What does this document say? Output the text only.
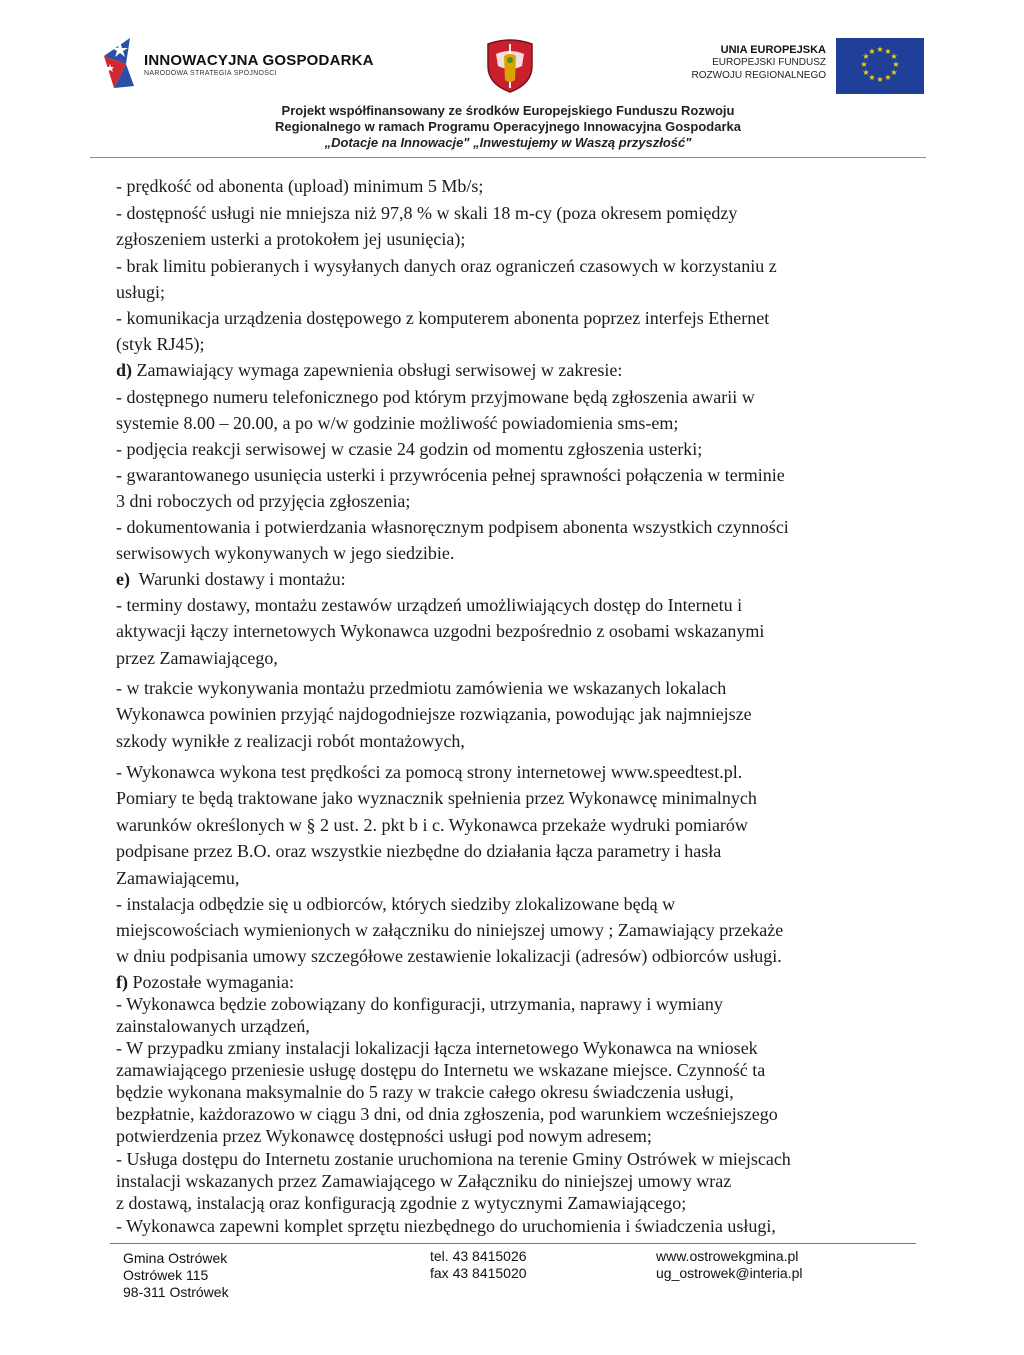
INNOWACYJNA GOSPODARKA
NARODOWA STRATEGIA SPÓJNOŚCI
UNIA EUROPEJSKA
EUROPEJSKI FUNDUSZ
ROZWOJU REGIONALNEGO
★ ★
★
★
★
★
★
★
★
★
★
★
Projekt współfinansowany ze środków Europejskiego Funduszu Rozwoju
Regionalnego w ramach Programu Operacyjnego Innowacyjna Gospodarka
„Dotacje na Innowacje" „Inwestujemy w Waszą przyszłość"
- prędkość od abonenta (upload) minimum 5 Mb/s;
- dostępność usługi nie mniejsza niż 97,8 % w skali 18 m-cy (poza okresem pomiędzy
zgłoszeniem usterki a protokołem jej usunięcia);
- brak limitu pobieranych i wysyłanych danych oraz ograniczeń czasowych w korzystaniu z
usługi;
- komunikacja urządzenia dostępowego z komputerem abonenta poprzez interfejs Ethernet
(styk RJ45);
d) Zamawiający wymaga zapewnienia obsługi serwisowej w zakresie:
- dostępnego numeru telefonicznego pod którym przyjmowane będą zgłoszenia awarii w
systemie 8.00 – 20.00, a po w/w godzinie możliwość powiadomienia sms-em;
- podjęcia reakcji serwisowej w czasie 24 godzin od momentu zgłoszenia usterki;
- gwarantowanego usunięcia usterki i przywrócenia pełnej sprawności połączenia w terminie
3 dni roboczych od przyjęcia zgłoszenia;
- dokumentowania i potwierdzania własnoręcznym podpisem abonenta wszystkich czynności
serwisowych wykonywanych w jego siedzibie.
e) Warunki dostawy i montażu:
- terminy dostawy, montażu zestawów urządzeń umożliwiających dostęp do Internetu i
aktywacji łączy internetowych Wykonawca uzgodni bezpośrednio z osobami wskazanymi
przez Zamawiającego,
- w trakcie wykonywania montażu przedmiotu zamówienia we wskazanych lokalach
Wykonawca powinien przyjąć najdogodniejsze rozwiązania, powodując jak najmniejsze
szkody wynikłe z realizacji robót montażowych,
- Wykonawca wykona test prędkości za pomocą strony internetowej www.speedtest.pl.
Pomiary te będą traktowane jako wyznacznik spełnienia przez Wykonawcę minimalnych
warunków określonych w § 2 ust. 2. pkt b i c. Wykonawca przekaże wydruki pomiarów
podpisane przez B.O. oraz wszystkie niezbędne do działania łącza parametry i hasła
Zamawiającemu,
- instalacja odbędzie się u odbiorców, których siedziby zlokalizowane będą w
miejscowościach wymienionych w załączniku do niniejszej umowy ; Zamawiający przekaże
w dniu podpisania umowy szczegółowe zestawienie lokalizacji (adresów) odbiorców usługi.
f) Pozostałe wymagania:
- Wykonawca będzie zobowiązany do konfiguracji, utrzymania, naprawy i wymiany
zainstalowanych urządzeń,
- W przypadku zmiany instalacji lokalizacji łącza internetowego Wykonawca na wniosek
zamawiającego przeniesie usługę dostępu do Internetu we wskazane miejsce. Czynność ta
będzie wykonana maksymalnie do 5 razy w trakcie całego okresu świadczenia usługi,
bezpłatnie, każdorazowo w ciągu 3 dni, od dnia zgłoszenia, pod warunkiem wcześniejszego
potwierdzenia przez Wykonawcę dostępności usługi pod nowym adresem;
- Usługa dostępu do Internetu zostanie uruchomiona na terenie Gminy Ostrówek w miejscach
instalacji wskazanych przez Zamawiającego w Załączniku do niniejszej umowy wraz
z dostawą, instalacją oraz konfiguracją zgodnie z wytycznymi Zamawiającego;
- Wykonawca zapewni komplet sprzętu niezbędnego do uruchomienia i świadczenia usługi,
Gmina Ostrówek
Ostrówek 115
98-311 Ostrówek
tel. 43 8415026
fax 43 8415020
www.ostrowekgmina.pl
ug_ostrowek@interia.pl
